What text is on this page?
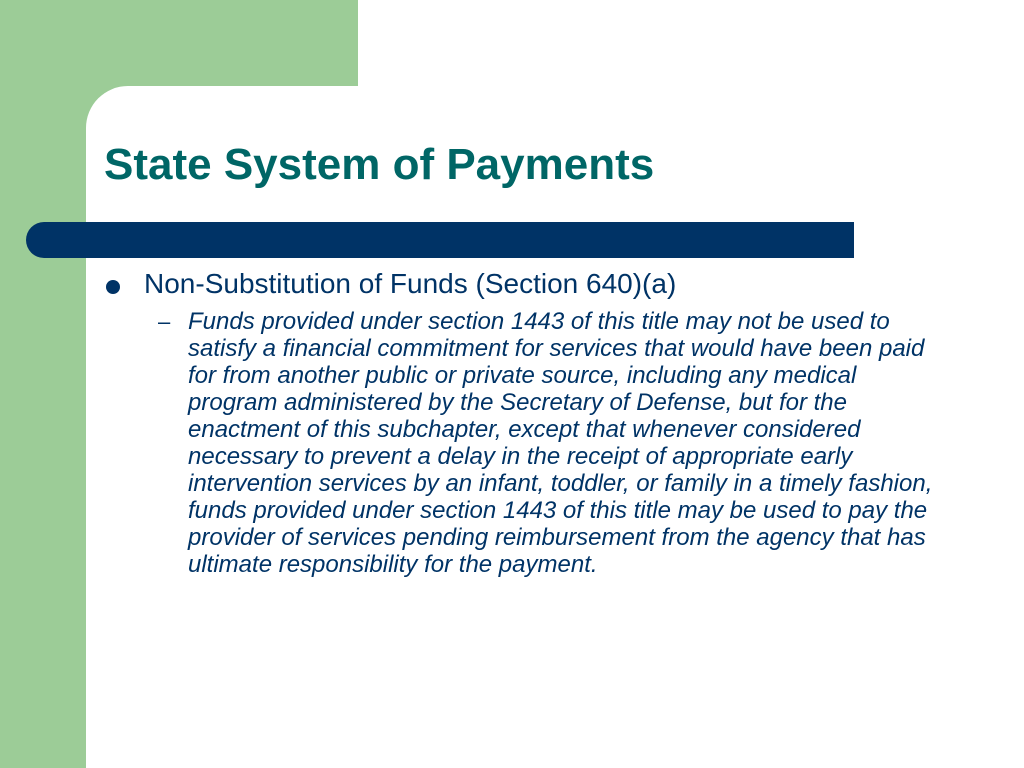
State System of Payments
Non-Substitution of Funds (Section 640)(a)
– Funds provided under section 1443 of this title may not be used to satisfy a financial commitment for services that would have been paid for from another public or private source, including any medical program administered by the Secretary of Defense, but for the enactment of this subchapter, except that whenever considered necessary to prevent a delay in the receipt of appropriate early intervention services by an infant, toddler, or family in a timely fashion, funds provided under section 1443 of this title may be used to pay the provider of services pending reimbursement from the agency that has ultimate responsibility for the payment.
